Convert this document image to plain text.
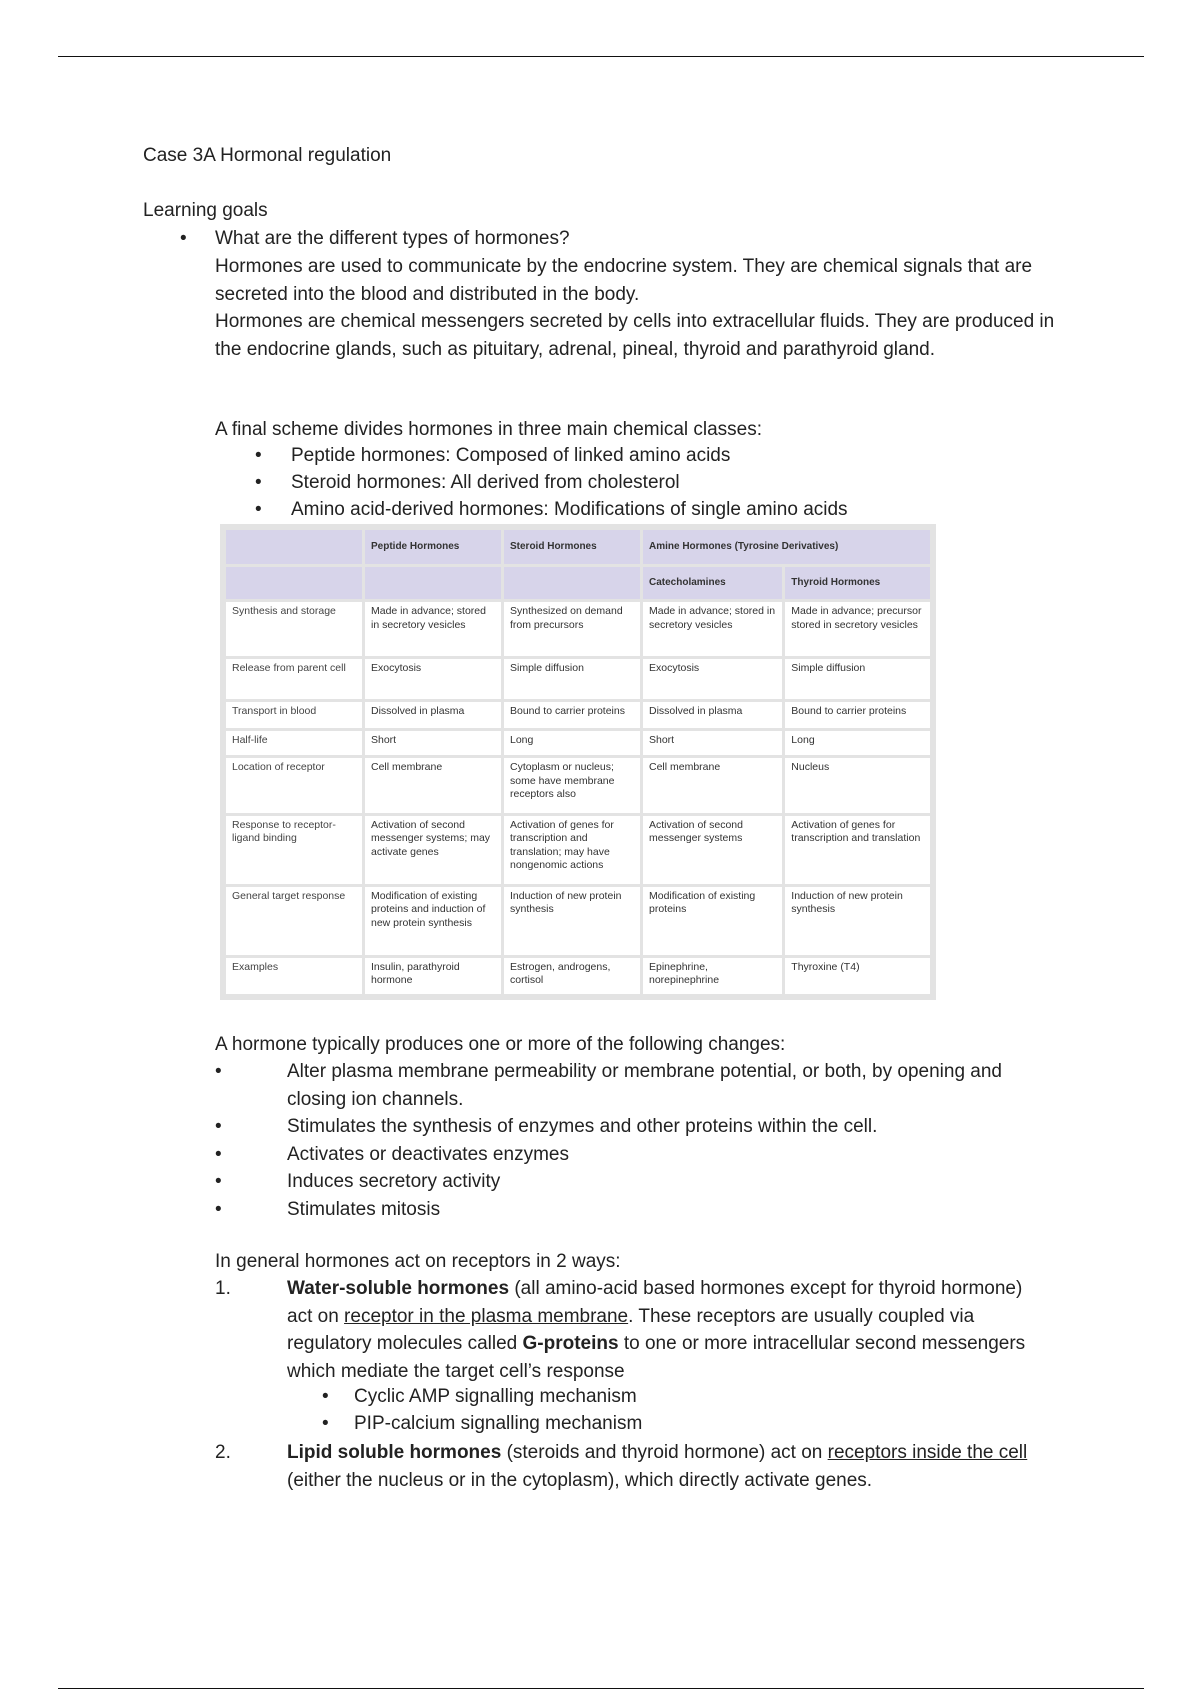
Case 3A Hormonal regulation
Learning goals
• What are the different types of hormones?
Hormones are used to communicate by the endocrine system. They are chemical signals that are secreted into the blood and distributed in the body.
Hormones are chemical messengers secreted by cells into extracellular fluids. They are produced in the endocrine glands, such as pituitary, adrenal, pineal, thyroid and parathyroid gland.
A final scheme divides hormones in three main chemical classes:
• Peptide hormones: Composed of linked amino acids
• Steroid hormones: All derived from cholesterol
• Amino acid-derived hormones: Modifications of single amino acids
	Peptide Hormones	Steroid Hormones	Amine Hormones (Tyrosine Derivatives)	
			Catecholamines	Thyroid Hormones
Synthesis and storage	Made in advance; stored in secretory vesicles	Synthesized on demand from precursors	Made in advance; stored in secretory vesicles	Made in advance; precursor stored in secretory vesicles
Release from parent cell	Exocytosis	Simple diffusion	Exocytosis	Simple diffusion
Transport in blood	Dissolved in plasma	Bound to carrier proteins	Dissolved in plasma	Bound to carrier proteins
Half-life	Short	Long	Short	Long
Location of receptor	Cell membrane	Cytoplasm or nucleus; some have membrane receptors also	Cell membrane	Nucleus
Response to receptor-ligand binding	Activation of second messenger systems; may activate genes	Activation of genes for transcription and translation; may have nongenomic actions	Activation of second messenger systems	Activation of genes for transcription and translation
General target response	Modification of existing proteins and induction of new protein synthesis	Induction of new protein synthesis	Modification of existing proteins	Induction of new protein synthesis
Examples	Insulin, parathyroid hormone	Estrogen, androgens, cortisol	Epinephrine, norepinephrine	Thyroxine (T4)
A hormone typically produces one or more of the following changes:
•	Alter plasma membrane permeability or membrane potential, or both, by opening and closing ion channels.
•	Stimulates the synthesis of enzymes and other proteins within the cell.
•	Activates or deactivates enzymes
•	Induces secretory activity
•	Stimulates mitosis
In general hormones act on receptors in 2 ways:
1.	Water-soluble hormones (all amino-acid based hormones except for thyroid hormone) act on receptor in the plasma membrane. These receptors are usually coupled via regulatory molecules called G-proteins to one or more intracellular second messengers which mediate the target cell’s response
• Cyclic AMP signalling mechanism
• PIP-calcium signalling mechanism
2.	Lipid soluble hormones (steroids and thyroid hormone) act on receptors inside the cell (either the nucleus or in the cytoplasm), which directly activate genes.
